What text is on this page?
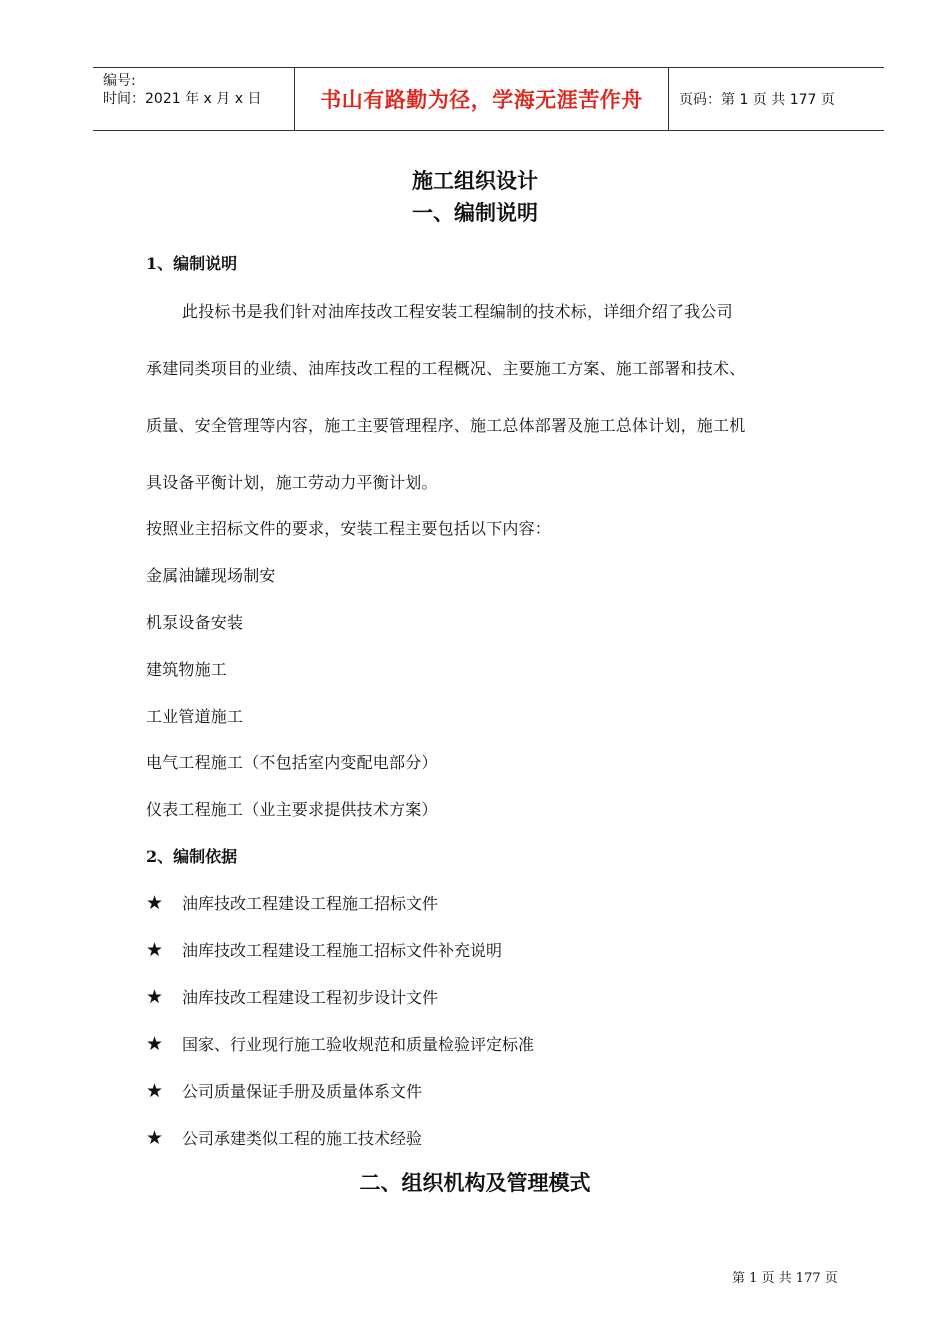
编号:
时间：2021 年 x 月 x 日	书山有路勤为径，学海无涯苦作舟	页码：第 1 页 共 177 页
施工组织设计
一、编制说明
1、编制说明
此投标书是我们针对油库技改工程安装工程编制的技术标，详细介绍了我公司
承建同类项目的业绩、油库技改工程的工程概况、主要施工方案、施工部署和技术、
质量、安全管理等内容，施工主要管理程序、施工总体部署及施工总体计划，施工机
具设备平衡计划，施工劳动力平衡计划。
按照业主招标文件的要求，安装工程主要包括以下内容：
金属油罐现场制安
机泵设备安装
建筑物施工
工业管道施工
电气工程施工（不包括室内变配电部分）
仪表工程施工（业主要求提供技术方案）
2、编制依据
★ 油库技改工程建设工程施工招标文件
★ 油库技改工程建设工程施工招标文件补充说明
★ 油库技改工程建设工程初步设计文件
★ 国家、行业现行施工验收规范和质量检验评定标准
★ 公司质量保证手册及质量体系文件
★ 公司承建类似工程的施工技术经验
二、组织机构及管理模式
第 1 页 共 177 页
